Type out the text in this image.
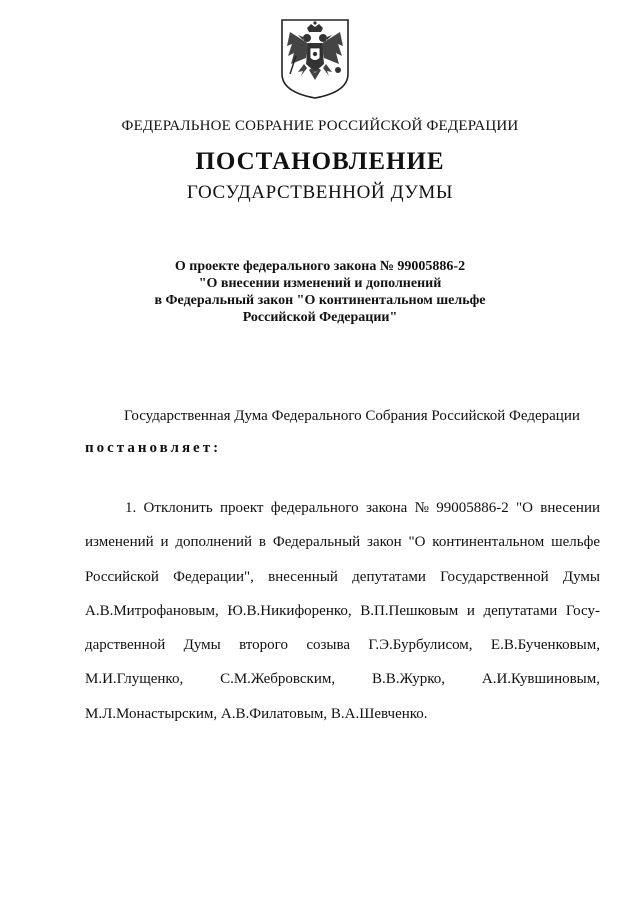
ФЕДЕРАЛЬНОЕ СОБРАНИЕ РОССИЙСКОЙ ФЕДЕРАЦИИ
ПОСТАНОВЛЕНИЕ
ГОСУДАРСТВЕННОЙ ДУМЫ
О проекте федерального закона № 99005886-2
"О внесении изменений и дополнений
в Федеральный закон "О континентальном шельфе
Российской Федерации"
Государственная Дума Федерального Собрания Российской Федерации
постановляет:
1. Отклонить проект федерального закона № 99005886-2 "О внесении
изменений и дополнений в Федеральный закон "О континентальном шельфе
Российской Федерации", внесенный депутатами Государственной Думы
А.В.Митрофановым, Ю.В.Никифоренко, В.П.Пешковым и депутатами Госу-
дарственной Думы второго созыва Г.Э.Бурбулисом, Е.В.Бученковым,
М.И.Глущенко, С.М.Жебровским, В.В.Журко, А.И.Кувшиновым,
М.Л.Монастырским, А.В.Филатовым, В.А.Шевченко.
